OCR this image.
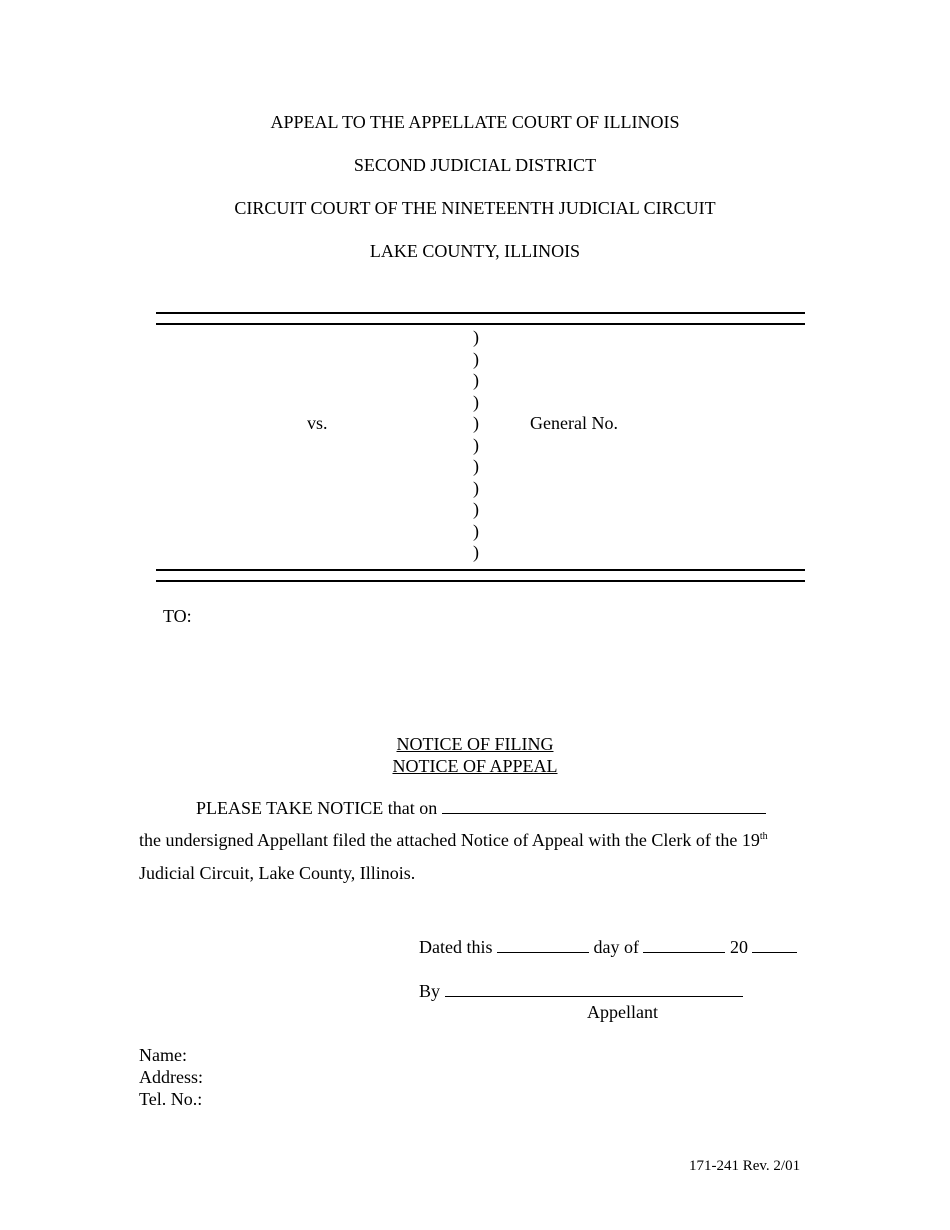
APPEAL TO THE APPELLATE COURT OF ILLINOIS
SECOND JUDICIAL DISTRICT
CIRCUIT COURT OF THE NINETEENTH JUDICIAL CIRCUIT
LAKE COUNTY, ILLINOIS
vs.
)
)
)
)
)
)
)
)
)
)
)
General No.
TO:
NOTICE OF FILING
NOTICE OF APPEAL
PLEASE TAKE NOTICE that on
the undersigned Appellant filed the attached Notice of Appeal with the Clerk of the 19th
Judicial Circuit, Lake County, Illinois.
Dated this	day of	20
By
Appellant
Name:
Address:
Tel. No.:
171-241 Rev. 2/01
